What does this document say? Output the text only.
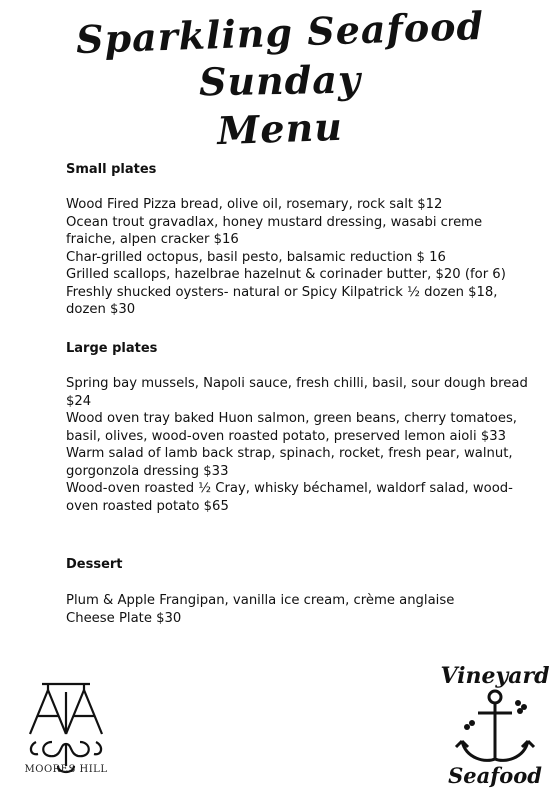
Sparkling Seafood
Sunday
Menu
Small plates
Wood Fired Pizza bread, olive oil, rosemary, rock salt $12
Ocean trout gravadlax, honey mustard dressing, wasabi creme fraiche, alpen cracker $16
Char-grilled octopus, basil pesto, balsamic reduction $ 16
Grilled scallops, hazelbrae hazelnut & corinader butter, $20 (for 6)
Freshly shucked oysters- natural or Spicy Kilpatrick ½ dozen $18, dozen $30
Large plates
Spring bay mussels, Napoli sauce, fresh chilli, basil, sour dough bread $24
Wood oven tray baked Huon salmon, green beans, cherry tomatoes, basil, olives, wood-oven roasted potato, preserved lemon aioli $33
Warm salad of lamb back strap, spinach, rocket, fresh pear, walnut, gorgonzola dressing $33
Wood-oven roasted ½ Cray, whisky béchamel, waldorf salad, wood-oven roasted potato $65
Dessert
Plum & Apple Frangipan, vanilla ice cream, crème anglaise
Cheese Plate $30
MOORES HILL
Vineyard
Seafood
